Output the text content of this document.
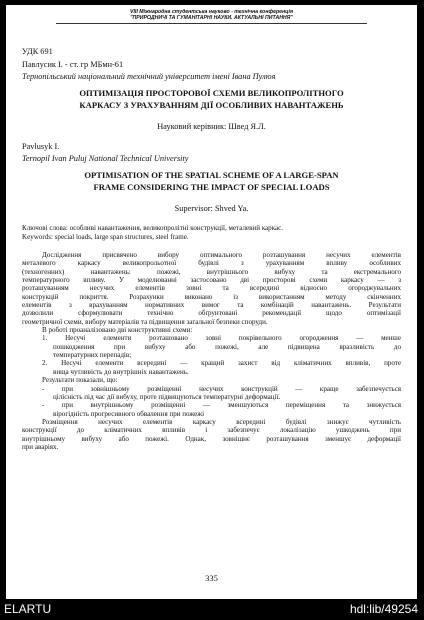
VIII Міжнародна студентська науково - технічна конференція
"ПРИРОДНИЧІ ТА ГУМАНІТАРНІ НАУКИ. АКТУАЛЬНІ ПИТАННЯ"
УДК 691
Павлусик І. - ст. гр МБмн-61
Тернопільський національний технічний університет імені Івана Пулюя
ОПТИМІЗАЦІЯ ПРОСТОРОВОЇ СХЕМИ ВЕЛИКОПРОЛІТНОГО
КАРКАСУ З УРАХУВАННЯМ ДІЇ ОСОБЛИВИХ НАВАНТАЖЕНЬ
Науковий керівник: Швед Я.Л.
Pavlusyk I.
Ternopil Ivan Puluj National Technical University
OPTIMISATION OF THE SPATIAL SCHEME OF A LARGE-SPAN
FRAME CONSIDERING THE IMPACT OF SPECIAL LOADS
Supervisor: Shved Ya.
Ключові слова: особливі навантаження, великопролітні конструкції, металевий каркас.
Keywords: special loads, large span structures, steel frame.
Дослідження присвячено вибору оптимального розташування несучих елементів
металевого каркасу великопрольотної будівлі з урахуванням впливу особливих
(техногенних) навантажень: пожежі, внутрішнього вибуху та екстремального
температурного впливу. У моделюванні застосовано дві просторові схеми каркасу — з
розташуванням несучих елементів зовні та всередині відносно огороджувальних
конструкцій покриття. Розрахунки виконано із використанням методу скінченних
елементів з врахуванням нормативних вимог та комбінацій навантажень. Результати
дозволили сформулювати технічно обґрунтовані рекомендації щодо оптимізації
геометричної схеми, вибору матеріалів та підвищення загальної безпеки споруди.
В роботі проаналізовано дві конструктивні схеми:
1. Несучі елементи розташовано зовні покрівельного огородження — менше
пошкодження при вибуху або пожежі, але підвищена вразливість до
температурних перепадів;
2. Несучі елементи всередині — кращий захист від кліматичних впливів, проте
вища чутливість до внутрішніх навантажень.
Результати показали, що:
- при зовнішньому розміщенні несучих конструкцій — краще забезпечується
цілісність під час дії вибуху, проте підвищуються температурні деформації.
- при внутрішньому розміщенні — зменшуються переміщення та знижується
вірогідність прогресивного обвалення при пожежі
Розміщення несучих елементів каркасу всередині будівлі знижує чутливість
конструкції до кліматичних впливів і забезпечує локалізацію ушкоджень при
внутрішньому вибуху або пожежі. Однак, зовнішнє розташування зменшує деформації
при аваріях.
335
ELARTU	hdl:lib/49254
